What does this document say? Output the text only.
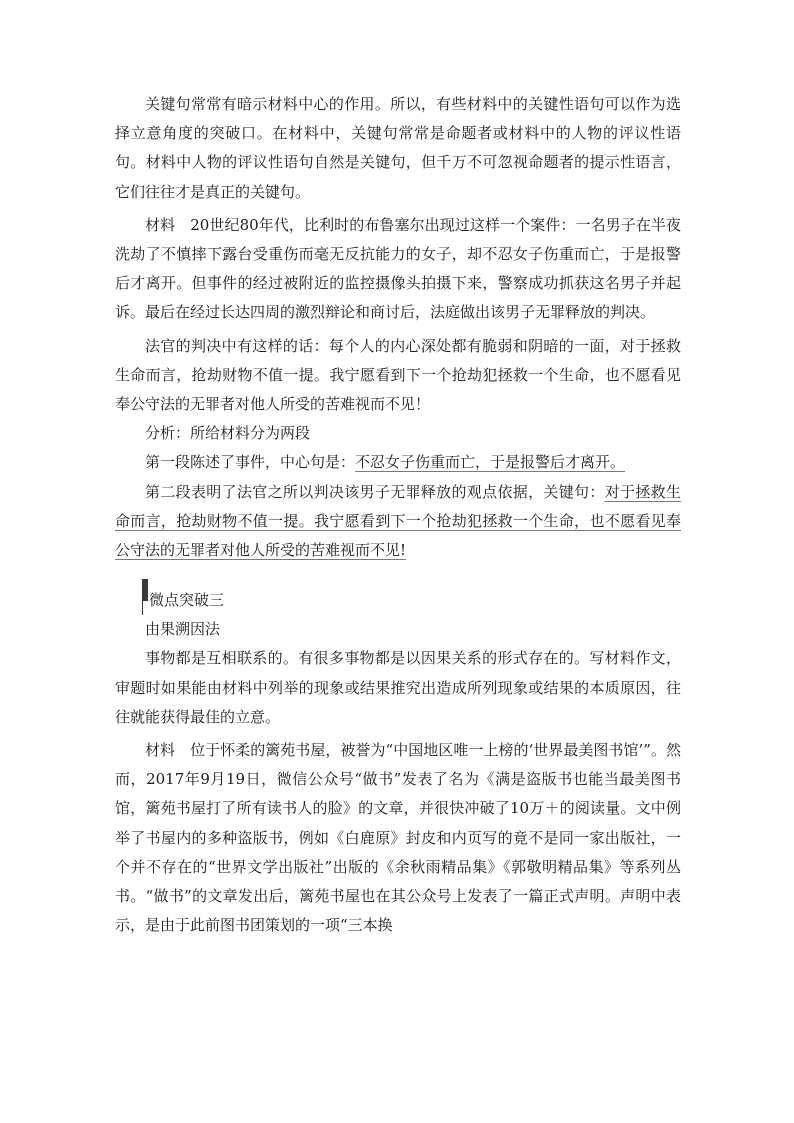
关键句常常有暗示材料中心的作用。所以，有些材料中的关键性语句可以作为选择立意角度的突破口。在材料中，关键句常常是命题者或材料中的人物的评议性语句。材料中人物的评议性语句自然是关键句，但千万不可忽视命题者的提示性语言，它们往往才是真正的关键句。

材料　20世纪80年代，比利时的布鲁塞尔出现过这样一个案件：一名男子在半夜洗劫了不慎摔下露台受重伤而毫无反抗能力的女子，却不忍女子伤重而亡，于是报警后才离开。但事件的经过被附近的监控摄像头拍摄下来，警察成功抓获这名男子并起诉。最后在经过长达四周的激烈辩论和商讨后，法庭做出该男子无罪释放的判决。

法官的判决中有这样的话：每个人的内心深处都有脆弱和阴暗的一面，对于拯救生命而言，抢劫财物不值一提。我宁愿看到下一个抢劫犯拯救一个生命，也不愿看见奉公守法的无罪者对他人所受的苦难视而不见！

分析：所给材料分为两段

第一段陈述了事件，中心句是：不忍女子伤重而亡，于是报警后才离开。

第二段表明了法官之所以判决该男子无罪释放的观点依据，关键句：对于拯救生命而言，抢劫财物不值一提。我宁愿看到下一个抢劫犯拯救一个生命，也不愿看见奉公守法的无罪者对他人所受的苦难视而不见!

微点突破三

由果溯因法

事物都是互相联系的。有很多事物都是以因果关系的形式存在的。写材料作文，审题时如果能由材料中列举的现象或结果推究出造成所列现象或结果的本质原因，往往就能获得最佳的立意。

材料　位于怀柔的篱苑书屋，被誉为“中国地区唯一上榜的‘世界最美图书馆’”。然而，2017年9月19日，微信公众号“做书”发表了名为《满是盗版书也能当最美图书馆，篱苑书屋打了所有读书人的脸》的文章，并很快冲破了10万＋的阅读量。文中例举了书屋内的多种盗版书，例如《白鹿原》封皮和内页写的竟不是同一家出版社，一个并不存在的“世界文学出版社”出版的《余秋雨精品集》《郭敬明精品集》等系列丛书。“做书”的文章发出后，篱苑书屋也在其公众号上发表了一篇正式声明。声明中表示，是由于此前图书团策划的一项“三本换
